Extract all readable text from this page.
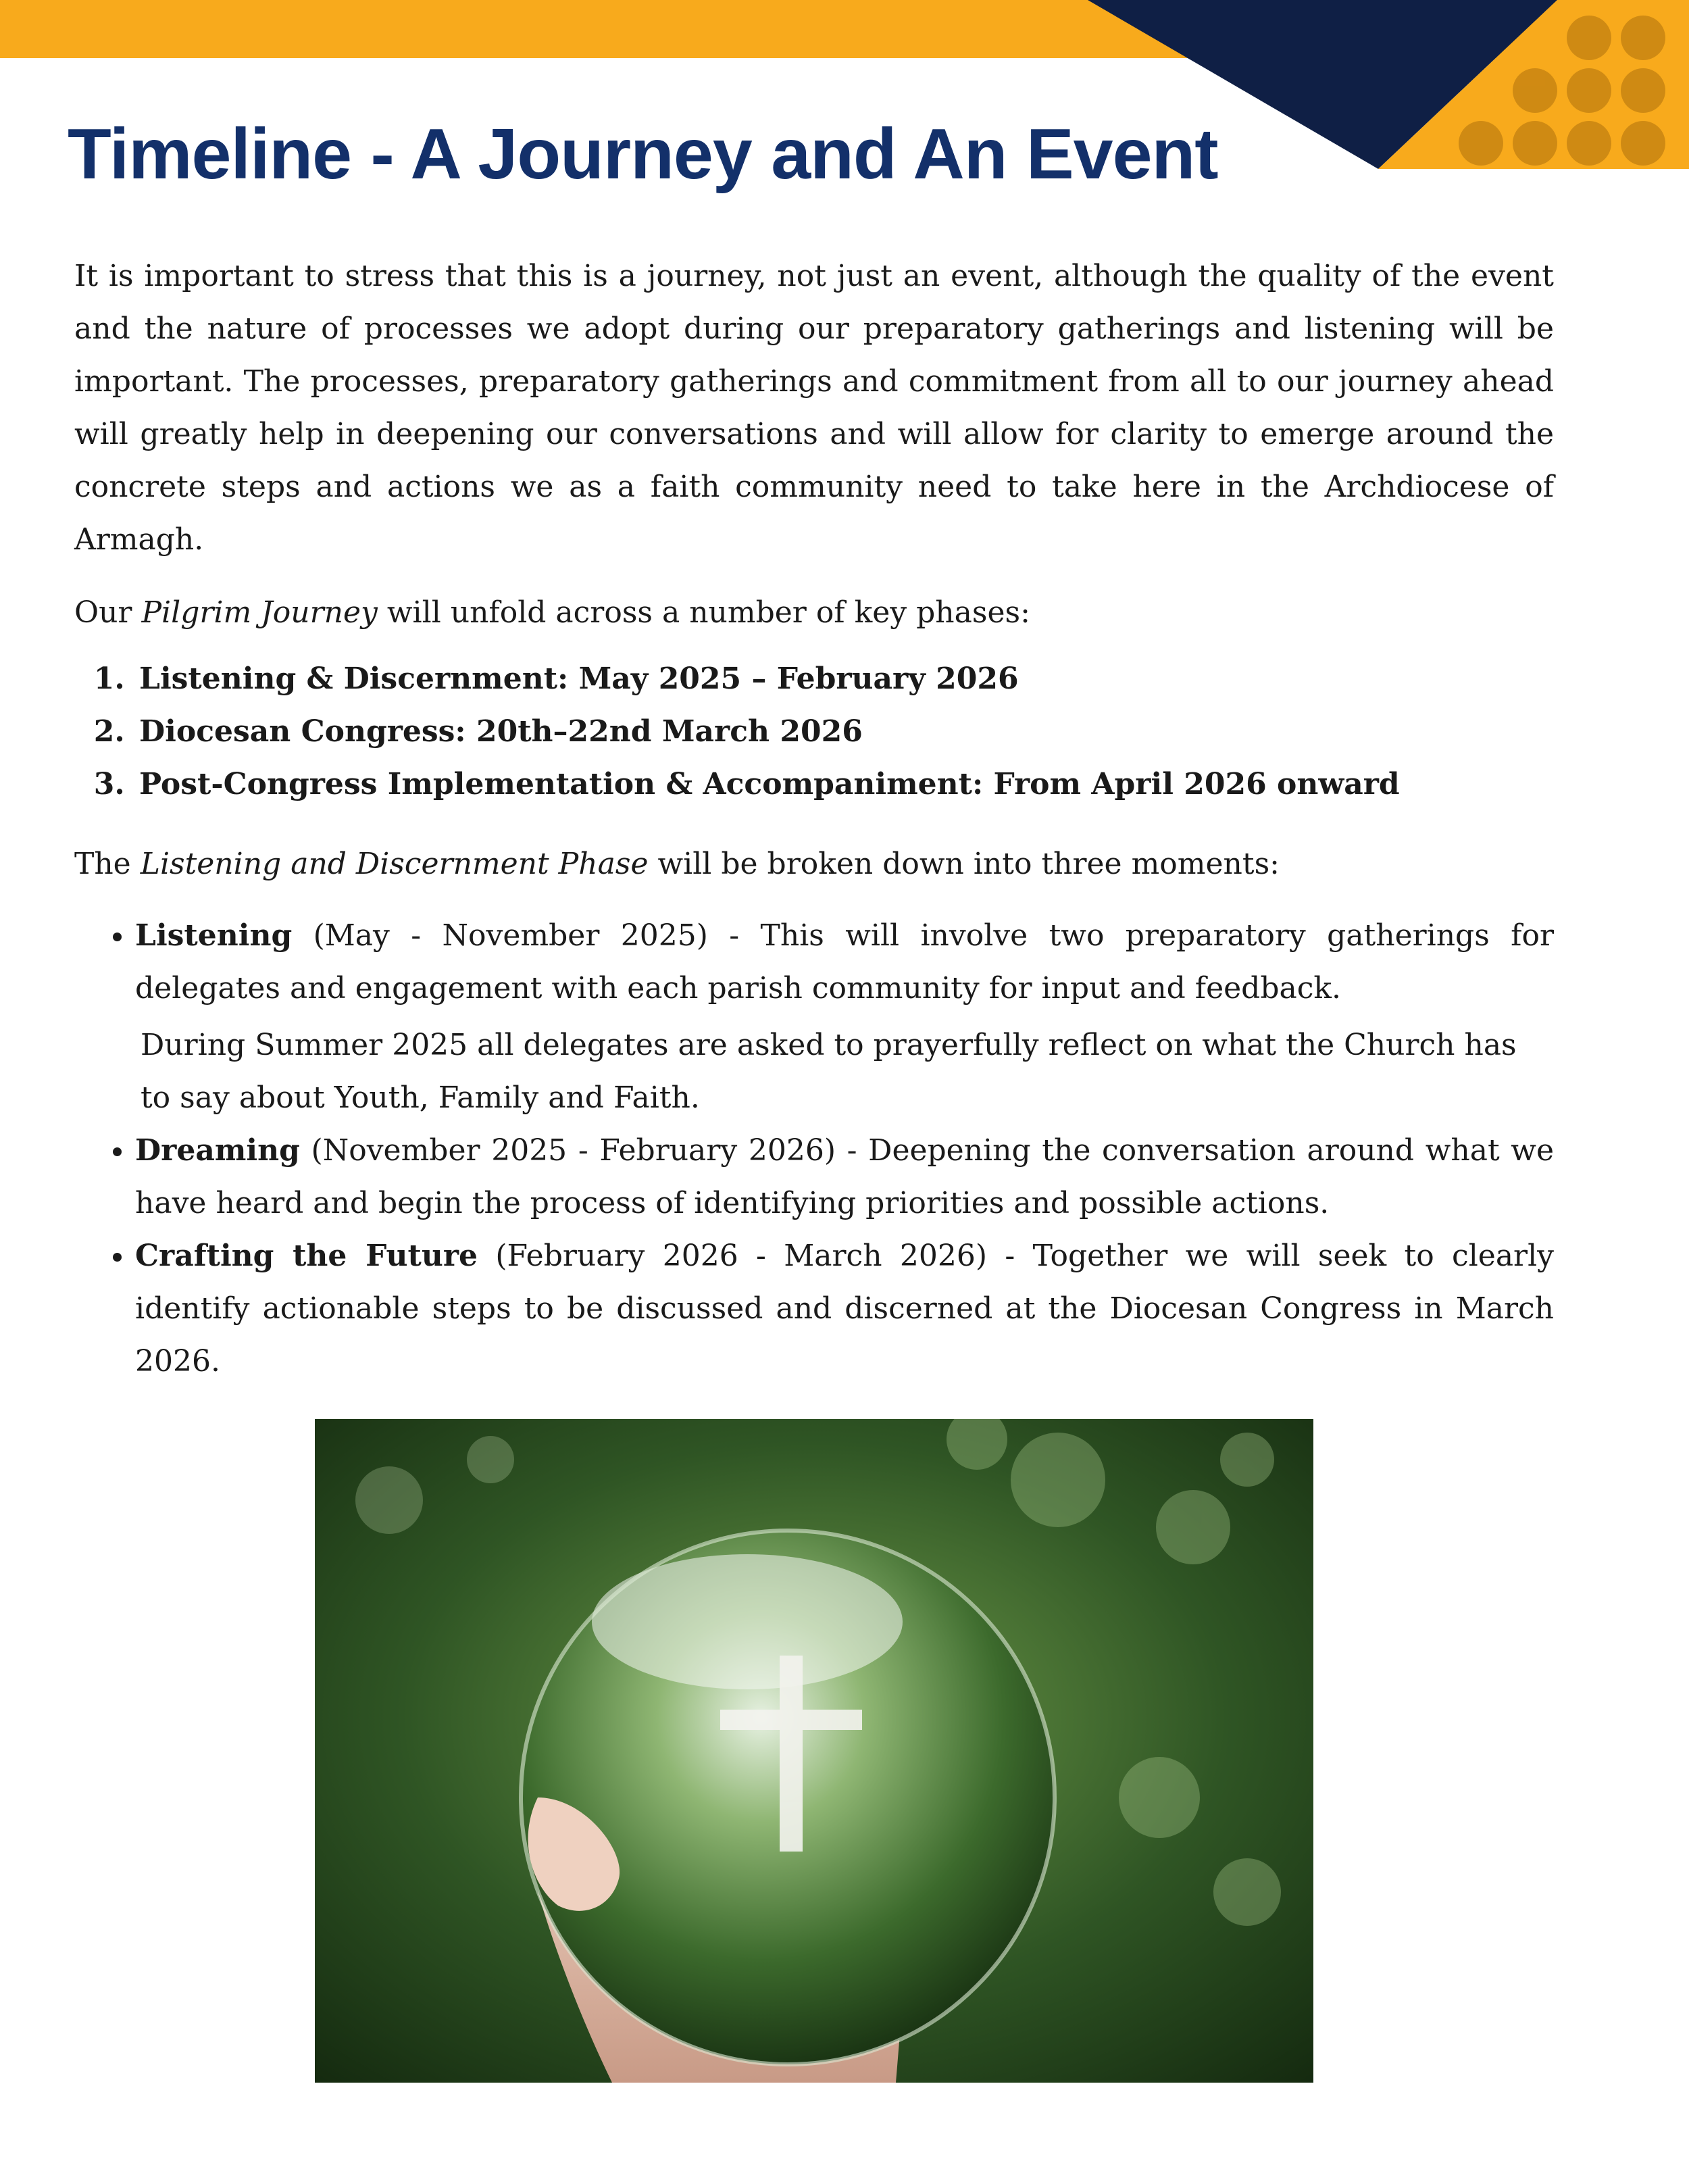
Timeline - A Journey and An Event

It is important to stress that this is a journey, not just an event, although the quality of the event and the nature of processes we adopt during our preparatory gatherings and listening will be important. The processes, preparatory gatherings and commitment from all to our journey ahead will greatly help in deepening our conversations and will allow for clarity to emerge around the concrete steps and actions we as a faith community need to take here in the Archdiocese of Armagh.

Our Pilgrim Journey will unfold across a number of key phases:

1. Listening & Discernment: May 2025 – February 2026
2. Diocesan Congress: 20th–22nd March 2026
3. Post-Congress Implementation & Accompaniment: From April 2026 onward

The Listening and Discernment Phase will be broken down into three moments:

• Listening (May - November 2025) - This will involve two preparatory gatherings for delegates and engagement with each parish community for input and feedback.
During Summer 2025 all delegates are asked to prayerfully reflect on what the Church has to say about Youth, Family and Faith.
• Dreaming (November 2025 - February 2026) - Deepening the conversation around what we have heard and begin the process of identifying priorities and possible actions.
• Crafting the Future (February 2026 - March 2026) - Together we will seek to clearly identify actionable steps to be discussed and discerned at the Diocesan Congress in March 2026.
